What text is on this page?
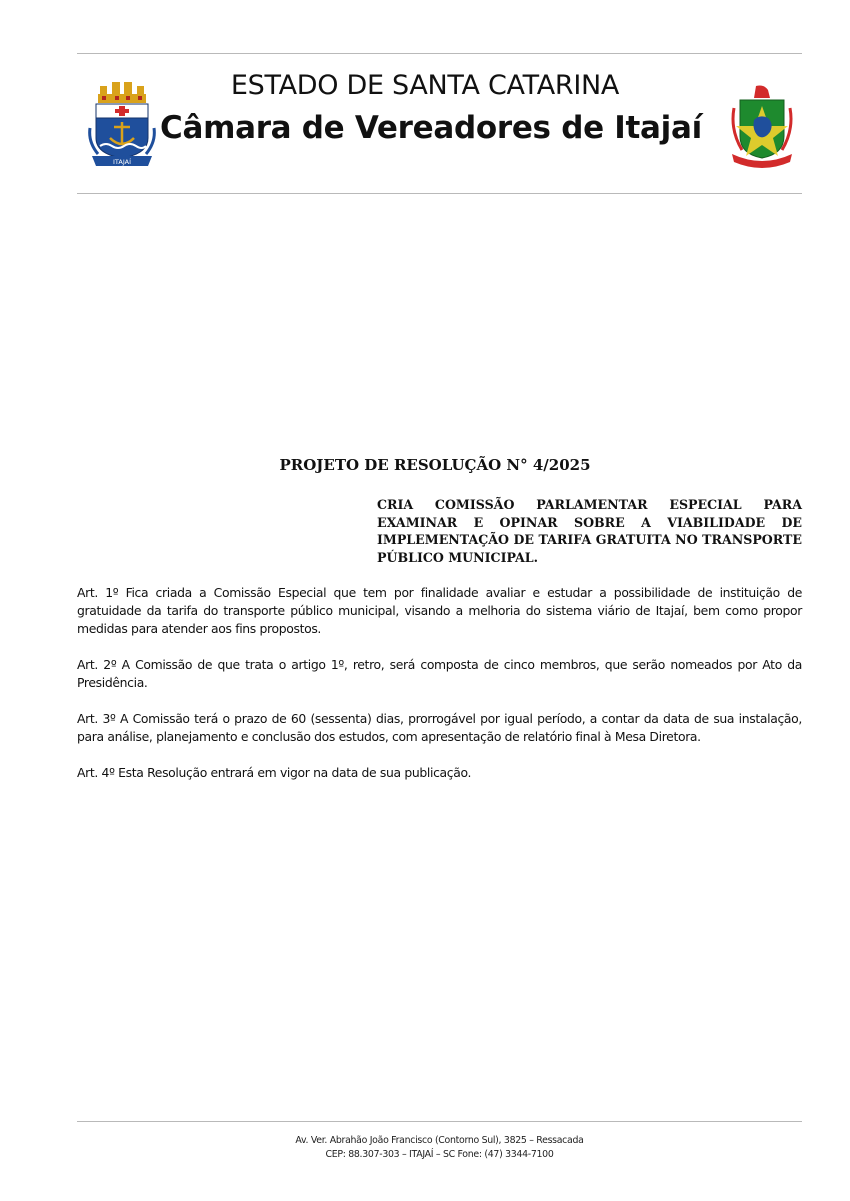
ITAJAÍ
ESTADO DE SANTA CATARINA
Câmara de Vereadores de Itajaí
PROJETO DE RESOLUÇÃO N° 4/2025
CRIA COMISSÃO PARLAMENTAR ESPECIAL PARA EXAMINAR E OPINAR SOBRE A VIABILIDADE DE IMPLEMENTAÇÃO DE TARIFA GRATUITA NO TRANSPORTE PÚBLICO MUNICIPAL.
Art. 1º Fica criada a Comissão Especial que tem por finalidade avaliar e estudar a possibilidade de instituição de gratuidade da tarifa do transporte público municipal, visando a melhoria do sistema viário de Itajaí, bem como propor medidas para atender aos fins propostos.
Art. 2º A Comissão de que trata o artigo 1º, retro, será composta de cinco membros, que serão nomeados por Ato da Presidência.
Art. 3º A Comissão terá o prazo de 60 (sessenta) dias, prorrogável por igual período, a contar da data de sua instalação, para análise, planejamento e conclusão dos estudos, com apresentação de relatório final à Mesa Diretora.
Art. 4º Esta Resolução entrará em vigor na data de sua publicação.
Av. Ver. Abrahão João Francisco (Contorno Sul), 3825 – Ressacada
CEP: 88.307-303 – ITAJAÍ – SC Fone: (47) 3344-7100
